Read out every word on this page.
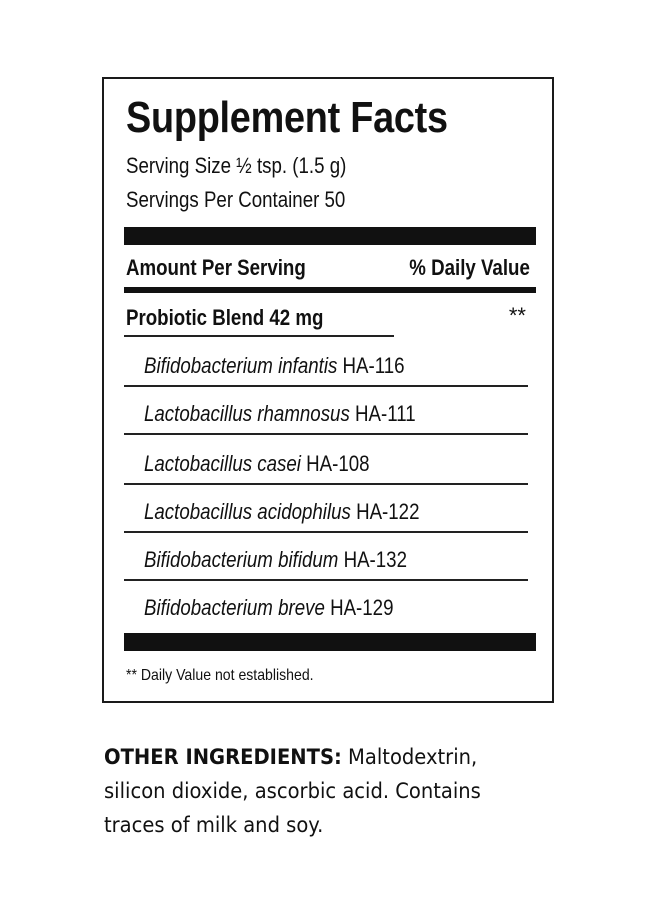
Supplement Facts
Serving Size ½ tsp. (1.5 g)
Servings Per Container 50
Amount Per Serving	% Daily Value
Probiotic Blend 42 mg	**
Bifidobacterium infantis HA-116
Lactobacillus rhamnosus HA-111
Lactobacillus casei HA-108
Lactobacillus acidophilus HA-122
Bifidobacterium bifidum HA-132
Bifidobacterium breve HA-129
** Daily Value not established.
OTHER INGREDIENTS: Maltodextrin, silicon dioxide, ascorbic acid. Contains traces of milk and soy.
